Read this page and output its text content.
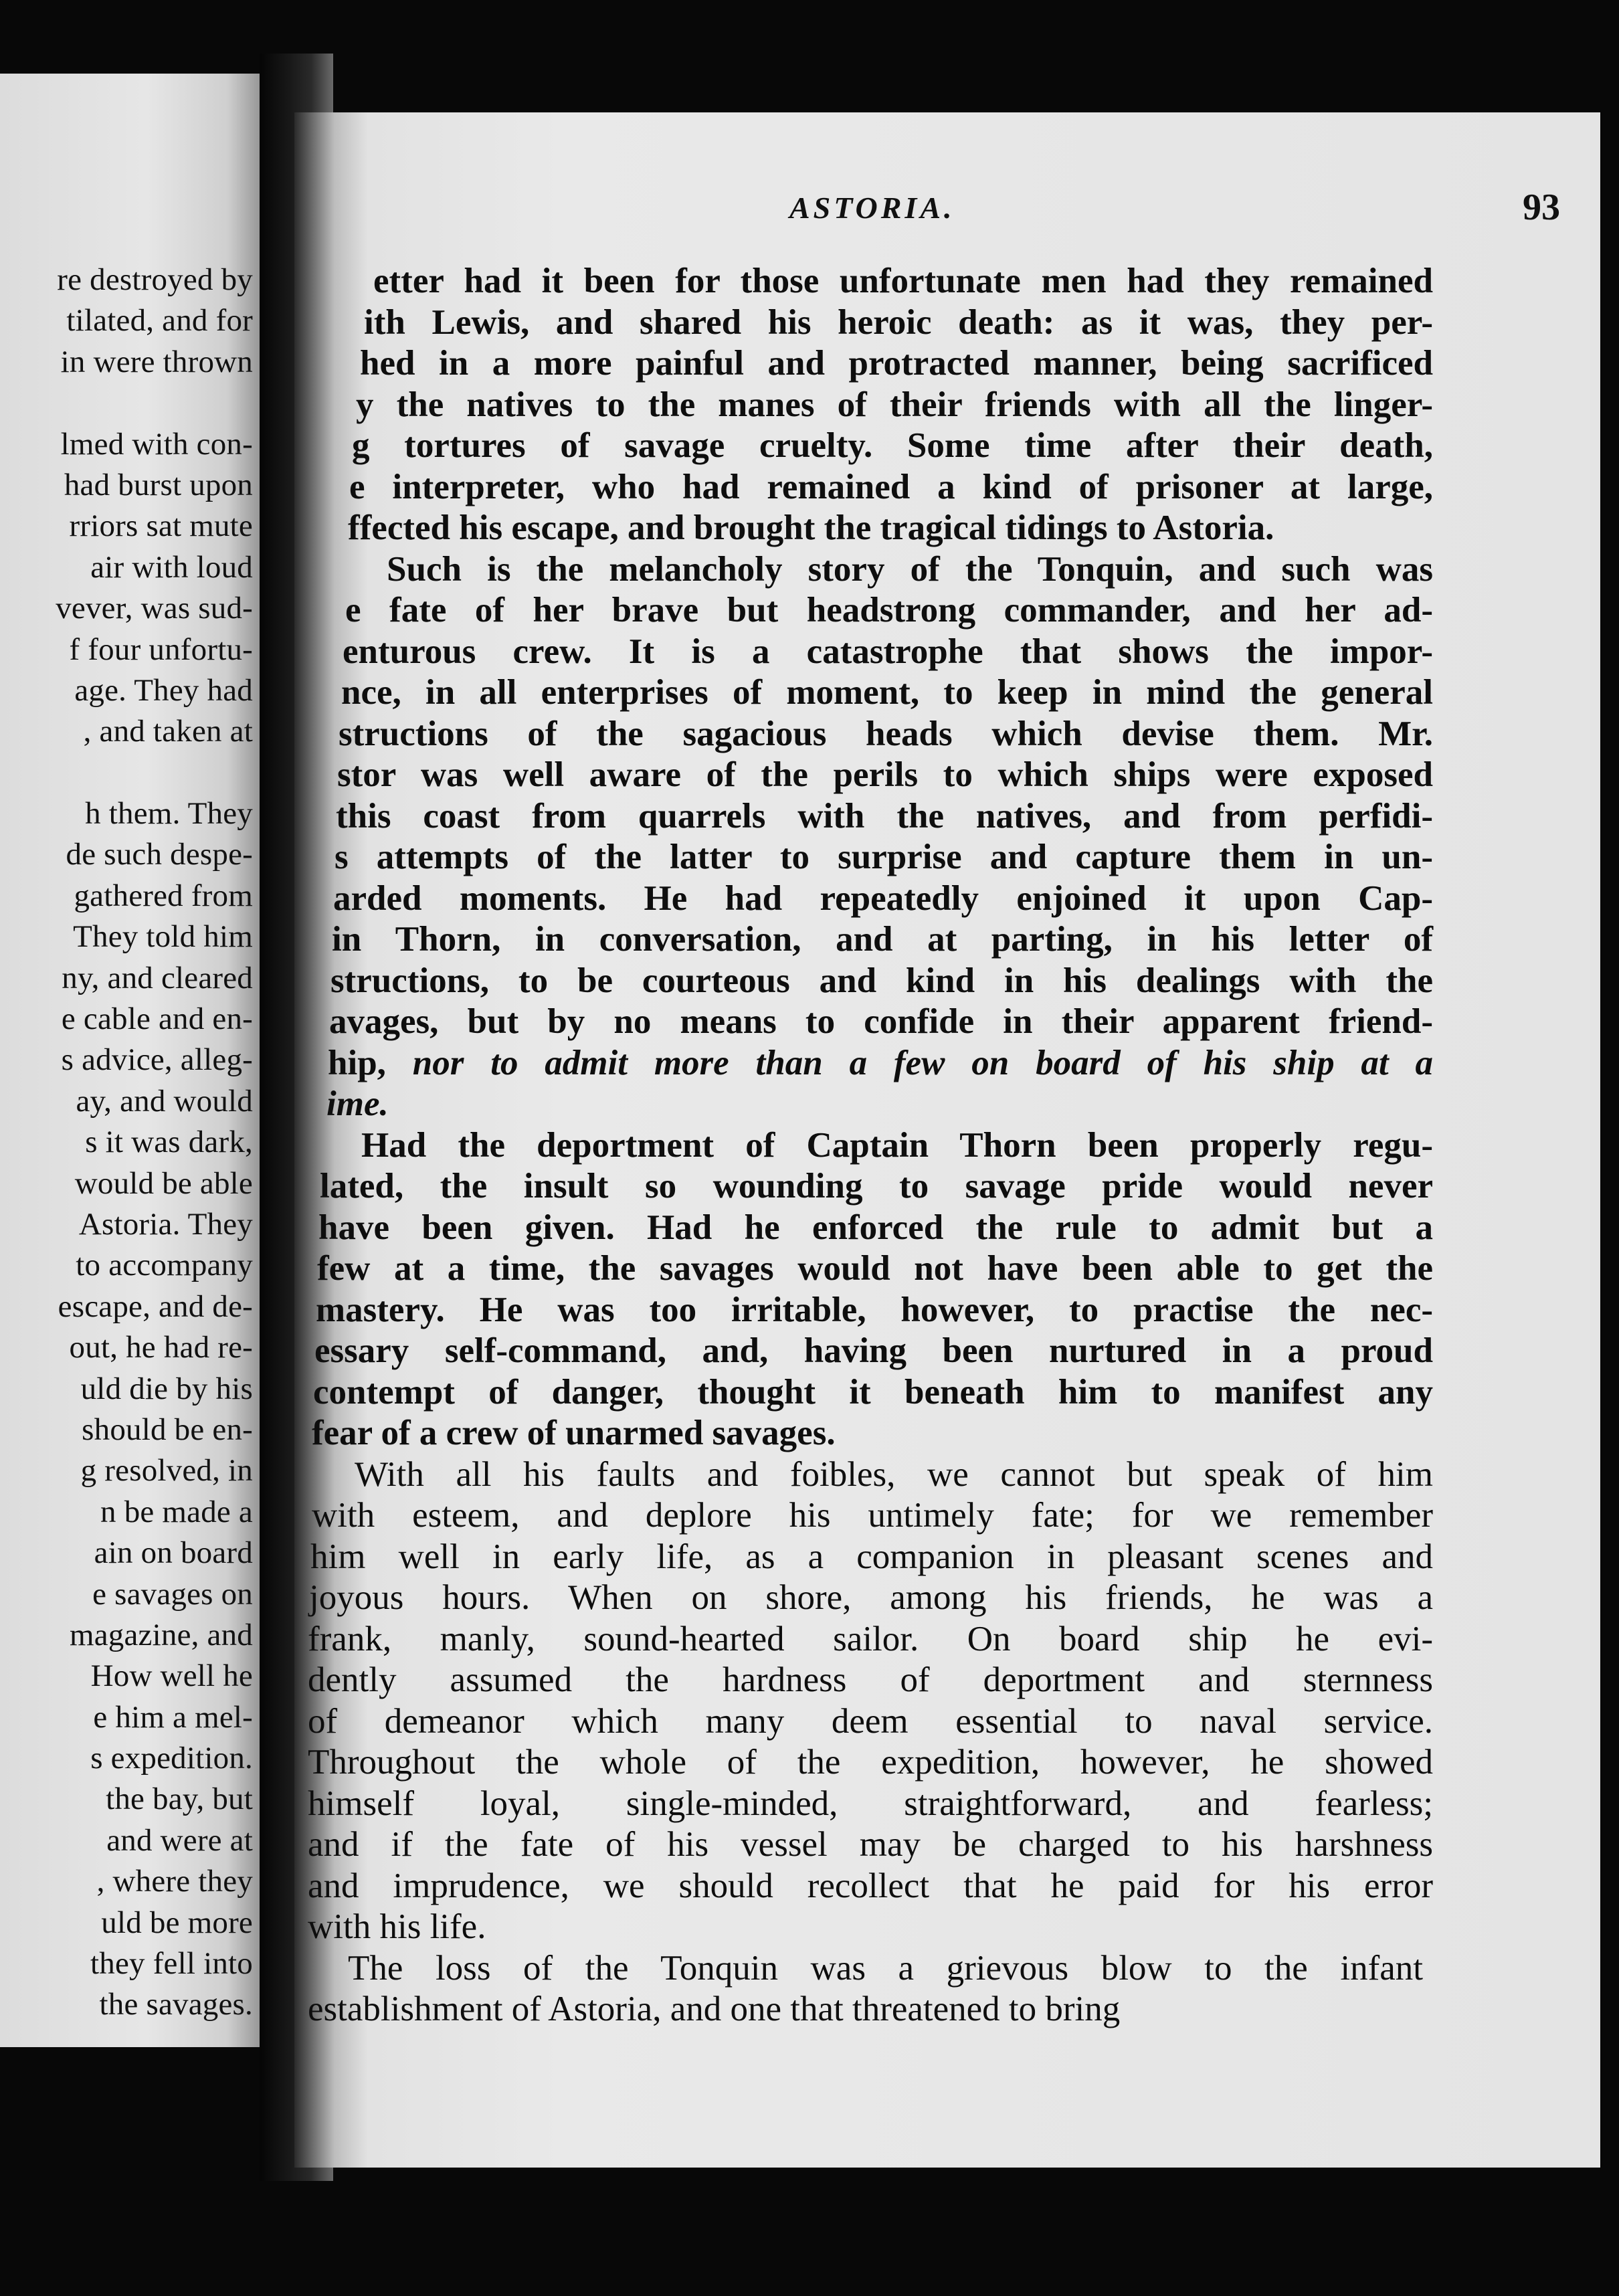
re destroyed by
tilated, and for
in were thrown
lmed with con-
had burst upon
rriors sat mute
air with loud
vever, was sud-
f four unfortu-
age. They had
, and taken at
h them. They
de such despe-
gathered from
They told him
ny, and cleared
e cable and en-
s advice, alleg-
ay, and would
s it was dark,
would be able
Astoria. They
to accompany
escape, and de-
out, he had re-
uld die by his
should be en-
g resolved, in
n be made a
ain on board
e savages on
magazine, and
How well he
e him a mel-
s expedition.
the bay, but
and were at
, where they
uld be more
they fell into
the savages.
ASTORIA.	93
etter had it been for those unfortunate men had they remained
ith Lewis, and shared his heroic death: as it was, they per-
hed in a more painful and protracted manner, being sacrificed
y the natives to the manes of their friends with all the linger-
g tortures of savage cruelty. Some time after their death,
e interpreter, who had remained a kind of prisoner at large,
ffected his escape, and brought the tragical tidings to Astoria.
Such is the melancholy story of the Tonquin, and such was
e fate of her brave but headstrong commander, and her ad-
enturous crew. It is a catastrophe that shows the impor-
nce, in all enterprises of moment, to keep in mind the general
structions of the sagacious heads which devise them. Mr.
stor was well aware of the perils to which ships were exposed
this coast from quarrels with the natives, and from perfidi-
s attempts of the latter to surprise and capture them in un-
arded moments. He had repeatedly enjoined it upon Cap-
in Thorn, in conversation, and at parting, in his letter of
structions, to be courteous and kind in his dealings with the
avages, but by no means to confide in their apparent friend-
hip, nor to admit more than a few on board of his ship at a
ime.
Had the deportment of Captain Thorn been properly regu-
lated, the insult so wounding to savage pride would never
have been given. Had he enforced the rule to admit but a
few at a time, the savages would not have been able to get the
mastery. He was too irritable, however, to practise the nec-
essary self-command, and, having been nurtured in a proud
contempt of danger, thought it beneath him to manifest any
fear of a crew of unarmed savages.
With all his faults and foibles, we cannot but speak of him
with esteem, and deplore his untimely fate; for we remember
him well in early life, as a companion in pleasant scenes and
joyous hours. When on shore, among his friends, he was a
frank, manly, sound-hearted sailor. On board ship he evi-
dently assumed the hardness of deportment and sternness
of demeanor which many deem essential to naval service.
Throughout the whole of the expedition, however, he showed
himself loyal, single-minded, straightforward, and fearless;
and if the fate of his vessel may be charged to his harshness
and imprudence, we should recollect that he paid for his error
with his life.
The loss of the Tonquin was a grievous blow to the infant
establishment of Astoria, and one that threatened to bring
